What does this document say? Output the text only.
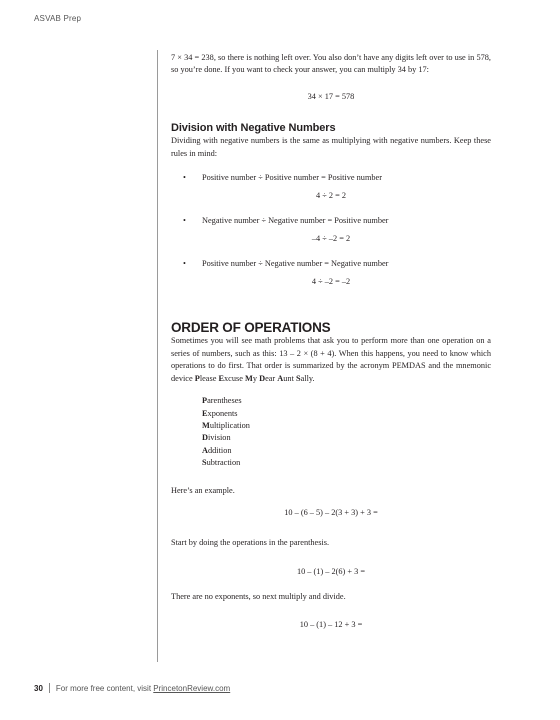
ASVAB Prep

7 × 34 = 238, so there is nothing left over. You also don’t have any digits left over to use in 578, so you’re done. If you want to check your answer, you can multiply 34 by 17:

34 × 17 = 578
Division with Negative Numbers

Dividing with negative numbers is the same as multiplying with negative numbers. Keep these rules in mind:

• Positive number ÷ Positive number = Positive number
4 ÷ 2 = 2
• Negative number ÷ Negative number = Positive number
–4 ÷ –2 = 2
• Positive number ÷ Negative number = Negative number
4 ÷ –2 = –2
ORDER OF OPERATIONS

Sometimes you will see math problems that ask you to perform more than one operation on a series of numbers, such as this: 13 – 2 × (8 + 4). When this happens, you need to know which operations to do first. That order is summarized by the acronym PEMDAS and the mnemonic device Please Excuse My Dear Aunt Sally.

Parentheses
Exponents
Multiplication
Division
Addition
Subtraction

Here’s an example.

10 – (6 – 5) – 2(3 + 3) + 3 =

Start by doing the operations in the parenthesis.

10 – (1) – 2(6) + 3 =

There are no exponents, so next multiply and divide.

10 – (1) – 12 + 3 =
30 For more free content, visit PrincetonReview.com
